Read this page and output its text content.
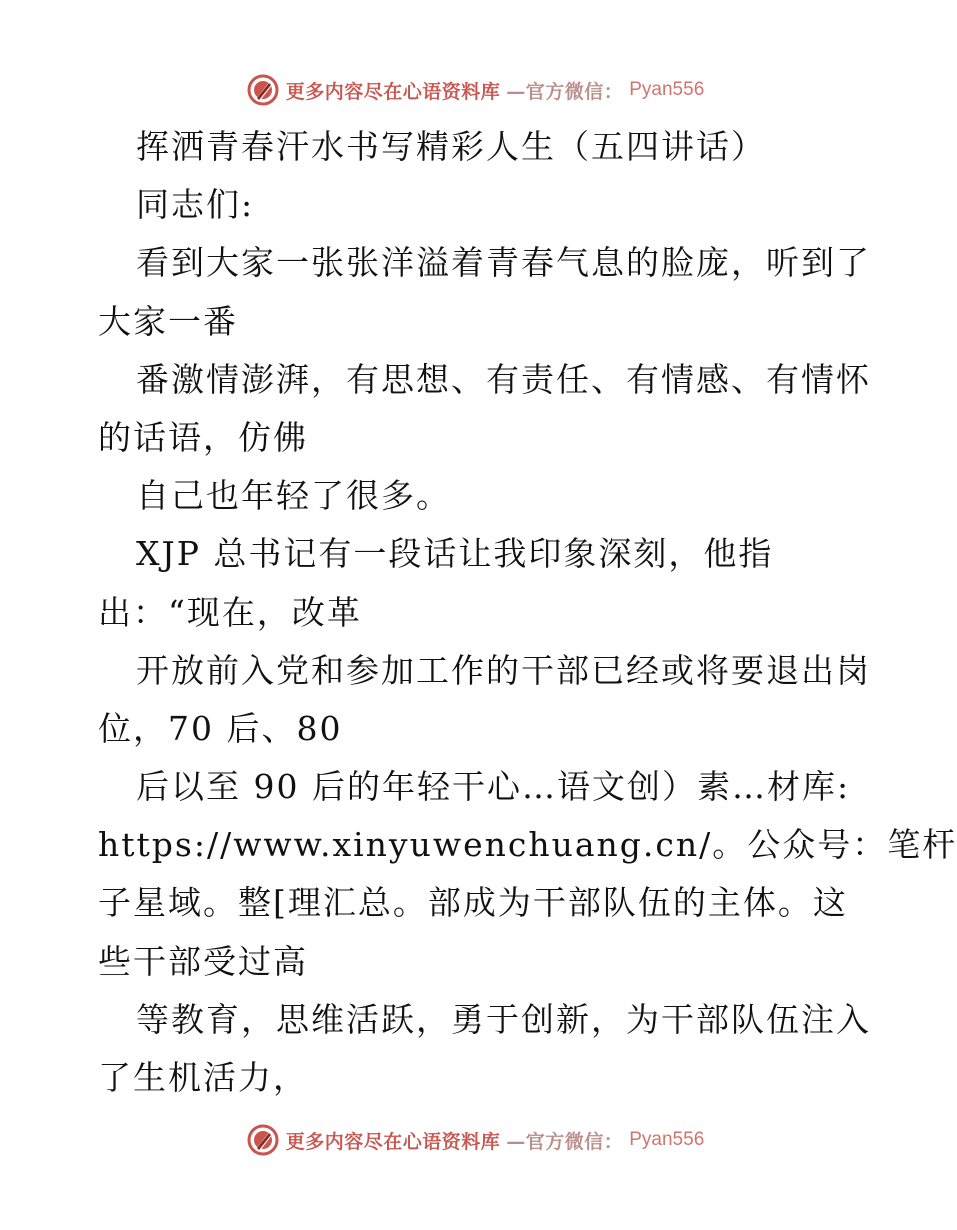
更多内容尽在心语资料库 —官方微信： Pyan556
挥洒青春汗水书写精彩人生（五四讲话）
同志们:
看到大家一张张洋溢着青春气息的脸庞，听到了
大家一番
番激情澎湃，有思想、有责任、有情感、有情怀
的话语，仿佛
自己也年轻了很多。
XJP 总书记有一段话让我印象深刻，他指
出：“现在，改革
开放前入党和参加工作的干部已经或将要退出岗
位，70 后、80
后以至 90 后的年轻干心…语文创）素…材库:
https://www.xinyuwenchuang.cn/。公众号：笔杆
子星域。整[理汇总。部成为干部队伍的主体。这
些干部受过高
等教育，思维活跃，勇于创新，为干部队伍注入
了生机活力，
更多内容尽在心语资料库 —官方微信： Pyan556
